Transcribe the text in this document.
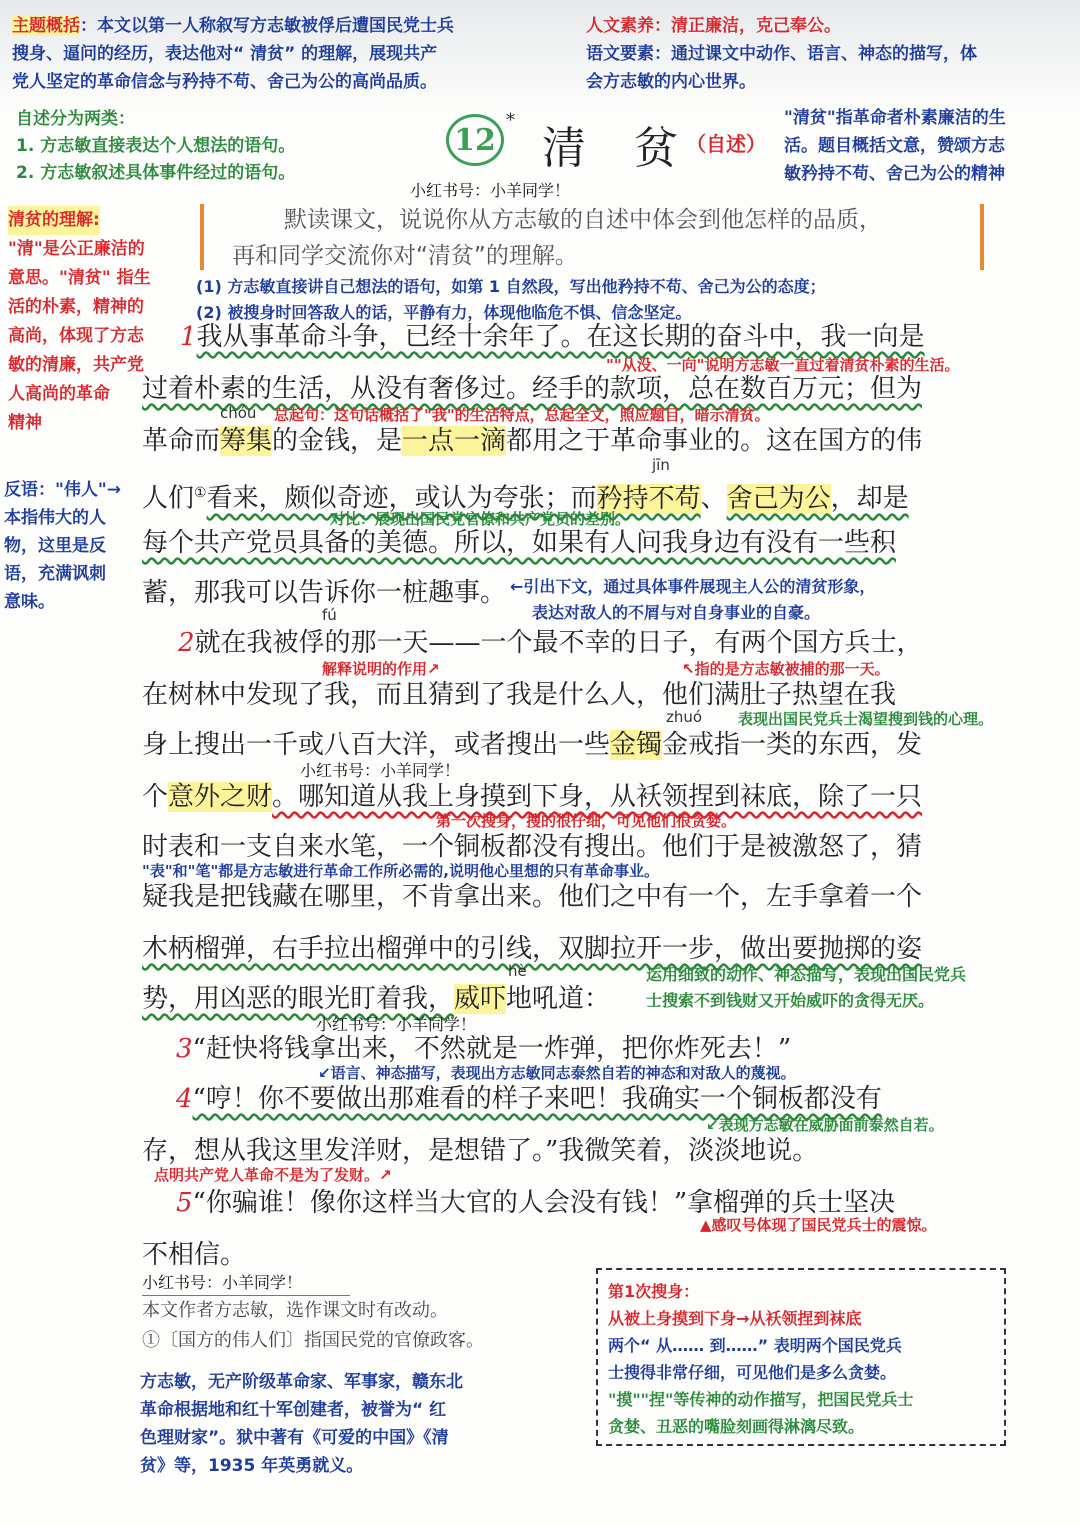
主题概括：本文以第一人称叙写方志敏被俘后遭国民党士兵
搜身、逼问的经历，表达他对“ 清贫” 的理解，展现共产
党人坚定的革命信念与矜持不苟、舍己为公的高尚品质。
人文素养：清正廉洁，克己奉公。
语文要素：通过课文中动作、语言、神态的描写，体
会方志敏的内心世界。
自述分为两类：
1. 方志敏直接表达个人想法的语句。
2. 方志敏叙述具体事件经过的语句。
12
*
清　贫 （自述）
"清贫"指革命者朴素廉洁的生
活。题目概括文意，赞颂方志
敏矜持不苟、舍己为公的精神
小红书号：小羊同学！
默读课文，说说你从方志敏的自述中体会到他怎样的品质，
再和同学交流你对“清贫”的理解。
(1) 方志敏直接讲自己想法的语句，如第 1 自然段，写出他矜持不苟、舍己为公的态度；
(2) 被搜身时回答敌人的话，平静有力，体现他临危不惧、信念坚定。
清贫的理解:
"清"是公正廉洁的
意思。"清贫" 指生
活的朴素，精神的
高尚，体现了方志
敏的清廉，共产党
人高尚的革命
精神
反语："伟人"→
本指伟大的人
物，这里是反
语，充满讽刺
意味。
1我从事革命斗争，已经十余年了。在这长期的奋斗中，我一向是
""从没、一向"说明方志敏一直过着清贫朴素的生活。
过着朴素的生活，从没有奢侈过。经手的款项，总在数百万元；但为
chóu 总起句：这句话概括了"我"的生活特点，总起全文，照应题目，暗示清贫。
革命而筹集的金钱，是一点一滴都用之于革命事业的。这在国方的伟
jīn
人们①看来，颇似奇迹，或认为夸张；而矜持不苟、舍己为公，却是
对比：展现出国民党官僚和共产党员的差别。
每个共产党员具备的美德。所以，如果有人问我身边有没有一些积
蓄，那我可以告诉你一桩趣事。 ←引出下文，通过具体事件展现主人公的清贫形象，
表达对敌人的不屑与对自身事业的自豪。
fú
2就在我被俘的那一天——一个最不幸的日子，有两个国方兵士，
解释说明的作用↗	↖指的是方志敏被捕的那一天。
在树林中发现了我，而且猜到了我是什么人，他们满肚子热望在我
zhuó 表现出国民党兵士渴望搜到钱的心理。
身上搜出一千或八百大洋，或者搜出一些金镯金戒指一类的东西，发
小红书号：小羊同学！
个意外之财。哪知道从我上身摸到下身，从袄领捏到袜底，除了一只
第一次搜身，搜的很仔细，可见他们很贪婪。
时表和一支自来水笔，一个铜板都没有搜出。他们于是被激怒了，猜
"表"和"笔"都是方志敏进行革命工作所必需的,说明他心里想的只有革命事业。
疑我是把钱藏在哪里，不肯拿出来。他们之中有一个，左手拿着一个
木柄榴弹，右手拉出榴弹中的引线，双脚拉开一步，做出要抛掷的姿
hè	运用细致的动作、神态描写，表现出国民党兵
士搜索不到钱财又开始威吓的贪得无厌。
势，用凶恶的眼光盯着我，威吓地吼道：
小红书号：小羊同学！
3“赶快将钱拿出来，不然就是一炸弹，把你炸死去！”
↙语言、神态描写，表现出方志敏同志泰然自若的神态和对敌人的蔑视。
4“哼！你不要做出那难看的样子来吧！我确实一个铜板都没有
↙表现方志敏在威胁面前泰然自若。
存，想从我这里发洋财，是想错了。”我微笑着，淡淡地说。
点明共产党人革命不是为了发财。↗
5“你骗谁！像你这样当大官的人会没有钱！”拿榴弹的兵士坚决
▲感叹号体现了国民党兵士的震惊。
不相信。
小红书号：小羊同学！
本文作者方志敏，选作课文时有改动。
①〔国方的伟人们〕指国民党的官僚政客。
方志敏，无产阶级革命家、军事家，赣东北
革命根据地和红十军创建者，被誉为“ 红
色理财家”。狱中著有《可爱的中国》《清
贫》等，1935 年英勇就义。
第1次搜身：
从被上身摸到下身→从袄领捏到袜底
两个“ 从…… 到……” 表明两个国民党兵
士搜得非常仔细，可见他们是多么贪婪。
"摸""捏"等传神的动作描写，把国民党兵士
贪婪、丑恶的嘴脸刻画得淋漓尽致。
